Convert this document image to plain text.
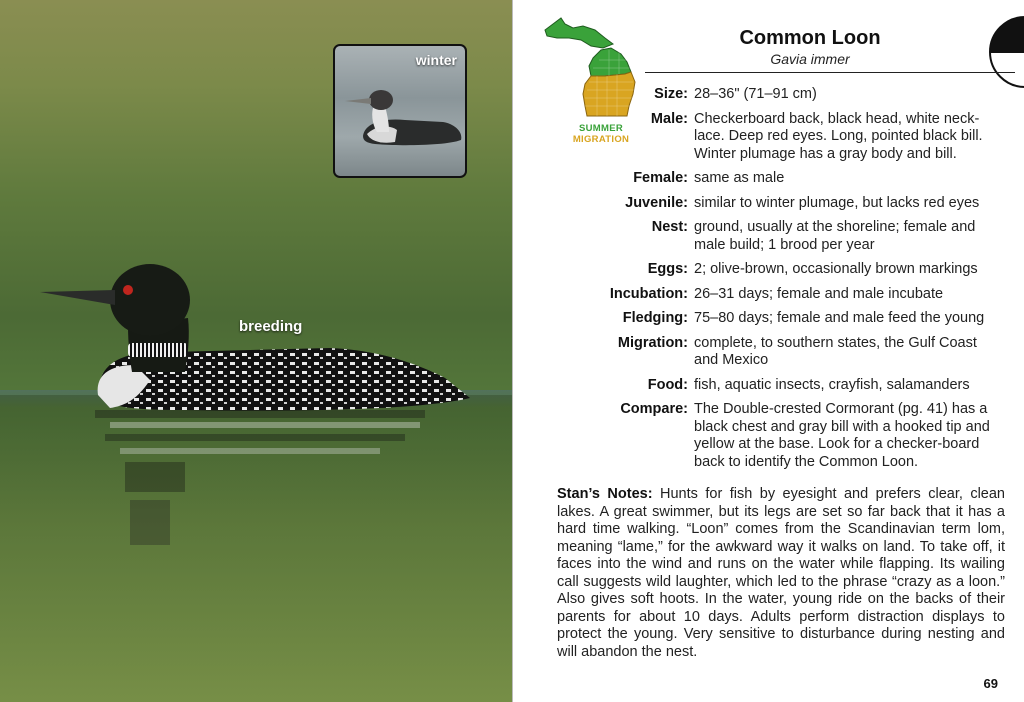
breeding
winter
SUMMER
MIGRATION
Common Loon
Gavia immer
Size: 28–36" (71–91 cm)
Male: Checkerboard back, black head, white neck-lace. Deep red eyes. Long, pointed black bill. Winter plumage has a gray body and bill.
Female: same as male
Juvenile: similar to winter plumage, but lacks red eyes
Nest: ground, usually at the shoreline; female and male build; 1 brood per year
Eggs: 2; olive-brown, occasionally brown markings
Incubation: 26–31 days; female and male incubate
Fledging: 75–80 days; female and male feed the young
Migration: complete, to southern states, the Gulf Coast and Mexico
Food: fish, aquatic insects, crayfish, salamanders
Compare: The Double-crested Cormorant (pg. 41) has a black chest and gray bill with a hooked tip and yellow at the base. Look for a checker-board back to identify the Common Loon.
Stan’s Notes: Hunts for fish by eyesight and prefers clear, clean lakes. A great swimmer, but its legs are set so far back that it has a hard time walking. “Loon” comes from the Scandinavian term lom, meaning “lame,” for the awkward way it walks on land. To take off, it faces into the wind and runs on the water while flapping. Its wailing call suggests wild laughter, which led to the phrase “crazy as a loon.” Also gives soft hoots. In the water, young ride on the backs of their parents for about 10 days. Adults perform distraction displays to protect the young. Very sensitive to disturbance during nesting and will abandon the nest.
69
